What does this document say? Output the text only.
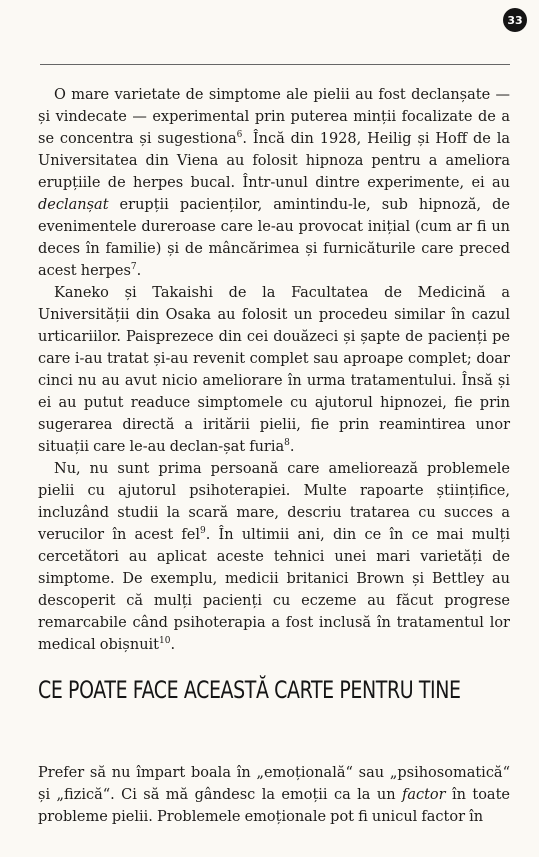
33

O mare varietate de simptome ale pielii au fost declanșate — și vindecate — experimental prin puterea minții focalizate de a se concentra și sugestiona$^6$. Încă din 1928, Heilig și Hoff de la Universitatea din Viena au folosit hipnoza pentru a ameliora erupțiile de herpes bucal. Într-unul dintre experimente, ei au declanșat erupții pacienților, amintindu-le, sub hipnoză, de evenimentele dureroase care le-au provocat inițial (cum ar fi un deces în familie) și de mâncărimea și furnicăturile care preced acest herpes$^7$.

Kaneko și Takaishi de la Facultatea de Medicină a Universității din Osaka au folosit un procedeu similar în cazul urticariilor. Paisprezece din cei douăzeci și șapte de pacienți pe care i-au tratat și-au revenit complet sau aproape complet; doar cinci nu au avut nicio ameliorare în urma tratamentului. Însă și ei au putut readuce simptomele cu ajutorul hipnozei, fie prin sugerarea directă a iritării pielii, fie prin reamintirea unor situații care le-au declan-șat furia$^8$.

Nu, nu sunt prima persoană care ameliorează problemele pielii cu ajutorul psihoterapiei. Multe rapoarte științifice, incluzând studii la scară mare, descriu tratarea cu succes a verucilor în acest fel$^9$. În ultimii ani, din ce în ce mai mulți cercetători au aplicat aceste tehnici unei mari varietăți de simptome. De exemplu, medicii britanici Brown și Bettley au descoperit că mulți pacienți cu eczeme au făcut progrese remarcabile când psihoterapia a fost inclusă în tratamentul lor medical obișnuit$^{10}$.

CE POATE FACE ACEASTĂ CARTE PENTRU TINE

Prefer să nu împart boala în „emoțională“ sau „psihosomatică“ și „fizică“. Ci să mă gândesc la emoții ca la un factor în toate probleme pielii. Problemele emoționale pot fi unicul factor în
